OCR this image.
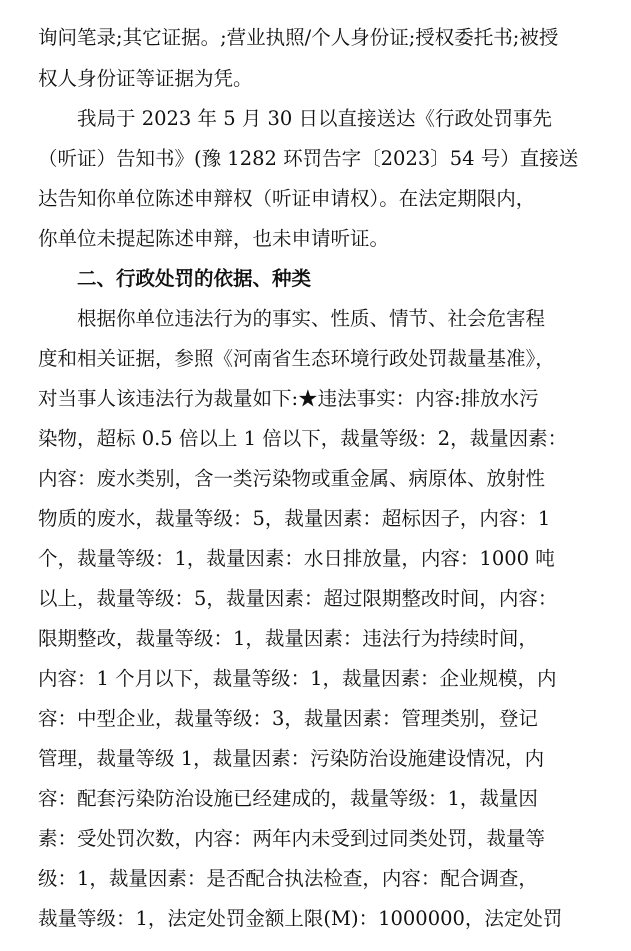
询问笔录;其它证据。;营业执照/个人身份证;授权委托书;被授
权人身份证等证据为凭。
我局于 2023 年 5 月 30 日以直接送达《行政处罚事先
（听证）告知书》(豫 1282 环罚告字〔2023〕54 号）直接送
达告知你单位陈述申辩权（听证申请权）。在法定期限内，
你单位未提起陈述申辩，也未申请听证。
二、行政处罚的依据、种类
根据你单位违法行为的事实、性质、情节、社会危害程
度和相关证据，参照《河南省生态环境行政处罚裁量基准》，
对当事人该违法行为裁量如下:★违法事实：内容:排放水污
染物，超标 0.5 倍以上 1 倍以下，裁量等级：2，裁量因素：
内容：废水类别，含一类污染物或重金属、病原体、放射性
物质的废水，裁量等级：5，裁量因素：超标因子，内容：1
个，裁量等级：1，裁量因素：水日排放量，内容：1000 吨
以上，裁量等级：5，裁量因素：超过限期整改时间，内容：
限期整改，裁量等级：1，裁量因素：违法行为持续时间，
内容：1 个月以下，裁量等级：1，裁量因素：企业规模，内
容：中型企业，裁量等级：3，裁量因素：管理类别，登记
管理，裁量等级 1，裁量因素：污染防治设施建设情况，内
容：配套污染防治设施已经建成的，裁量等级：1，裁量因
素：受处罚次数，内容：两年内未受到过同类处罚，裁量等
级：1，裁量因素：是否配合执法检查，内容：配合调查，
裁量等级：1，法定处罚金额上限(M)：1000000，法定处罚
